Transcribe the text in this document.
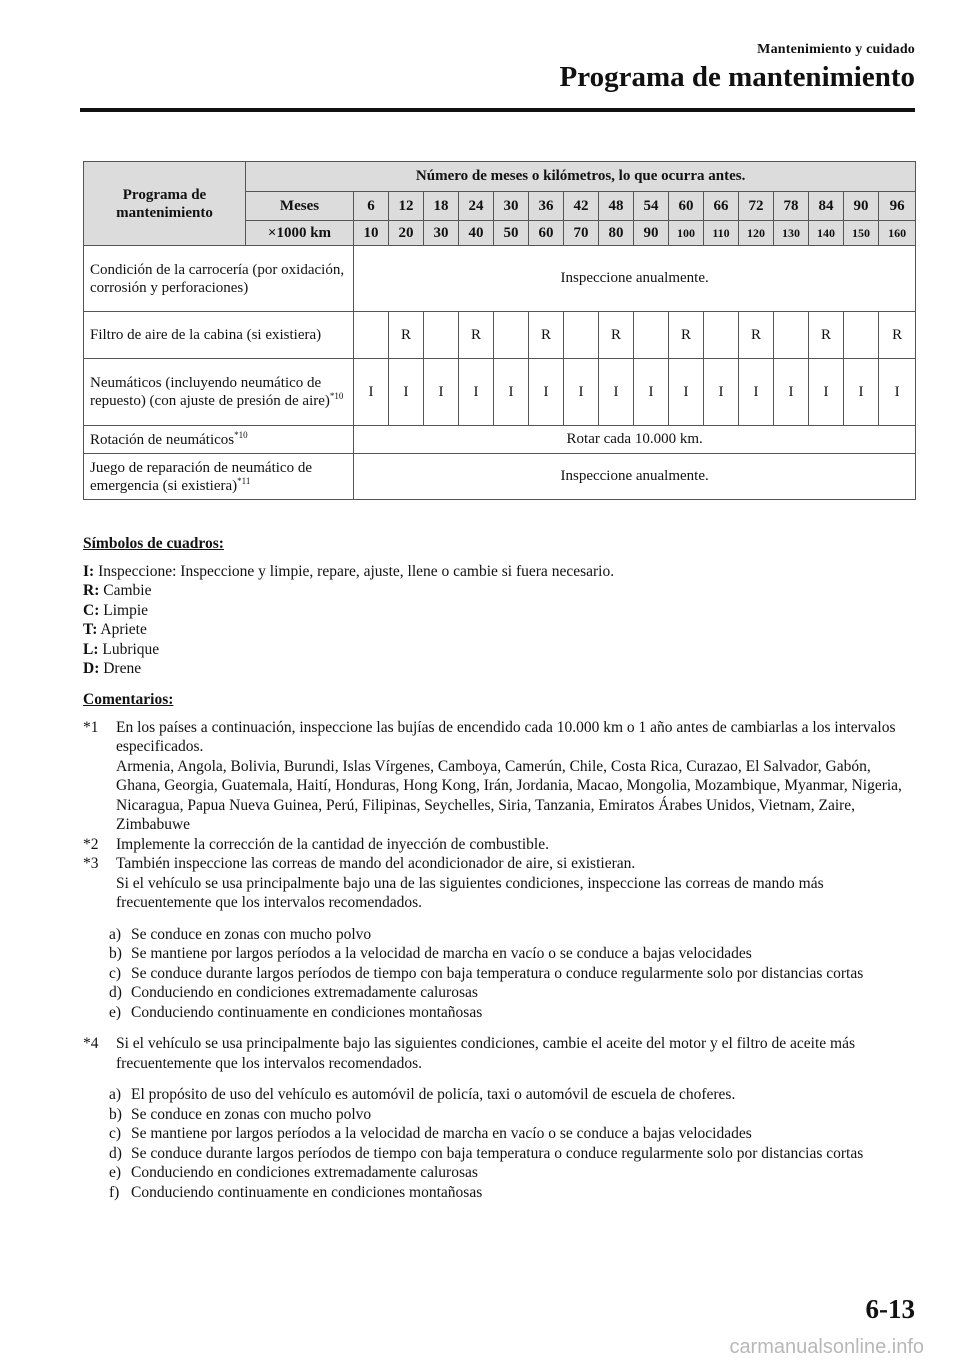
Mantenimiento y cuidado
Programa de mantenimiento
Programa de mantenimiento	Número de meses o kilómetros, lo que ocurra antes.																
	Meses	6	12	18	24	30	36	42	48	54	60	66	72	78	84	90	96
	×1000 km	10	20	30	40	50	60	70	80	90	100	110	120	130	140	150	160
Condición de la carrocería (por oxidación, corrosión y perforaciones)		Inspeccione anualmente.															
Filtro de aire de la cabina (si existiera)			R		R		R		R		R		R		R		R
Neumáticos (incluyendo neumático de repuesto) (con ajuste de presión de aire)$^{*10}$		I	I	I	I	I	I	I	I	I	I	I	I	I	I	I	I
Rotación de neumáticos$^{*10}$		Rotar cada 10.000 km.															
Juego de reparación de neumático de emergencia (si existiera)$^{*11}$		Inspeccione anualmente.															
Símbolos de cuadros:
I: Inspeccione: Inspeccione y limpie, repare, ajuste, llene o cambie si fuera necesario.
R: Cambie
C: Limpie
T: Apriete
L: Lubrique
D: Drene
Comentarios:
*1	En los países a continuación, inspeccione las bujías de encendido cada 10.000 km o 1 año antes de cambiarlas a los intervalos especificados.
Armenia, Angola, Bolivia, Burundi, Islas Vírgenes, Camboya, Camerún, Chile, Costa Rica, Curazao, El Salvador, Gabón, Ghana, Georgia, Guatemala, Haití, Honduras, Hong Kong, Irán, Jordania, Macao, Mongolia, Mozambique, Myanmar, Nigeria, Nicaragua, Papua Nueva Guinea, Perú, Filipinas, Seychelles, Siria, Tanzania, Emiratos Árabes Unidos, Vietnam, Zaire, Zimbabuwe
*2	Implemente la corrección de la cantidad de inyección de combustible.
*3	También inspeccione las correas de mando del acondicionador de aire, si existieran.
Si el vehículo se usa principalmente bajo una de las siguientes condiciones, inspeccione las correas de mando más frecuentemente que los intervalos recomendados.
a) Se conduce en zonas con mucho polvo
b) Se mantiene por largos períodos a la velocidad de marcha en vacío o se conduce a bajas velocidades
c) Se conduce durante largos períodos de tiempo con baja temperatura o conduce regularmente solo por distancias cortas
d) Conduciendo en condiciones extremadamente calurosas
e) Conduciendo continuamente en condiciones montañosas
*4	Si el vehículo se usa principalmente bajo las siguientes condiciones, cambie el aceite del motor y el filtro de aceite más frecuentemente que los intervalos recomendados.
a) El propósito de uso del vehículo es automóvil de policía, taxi o automóvil de escuela de choferes.
b) Se conduce en zonas con mucho polvo
c) Se mantiene por largos períodos a la velocidad de marcha en vacío o se conduce a bajas velocidades
d) Se conduce durante largos períodos de tiempo con baja temperatura o conduce regularmente solo por distancias cortas
e) Conduciendo en condiciones extremadamente calurosas
f) Conduciendo continuamente en condiciones montañosas
6-13
carmanualsonline.info
